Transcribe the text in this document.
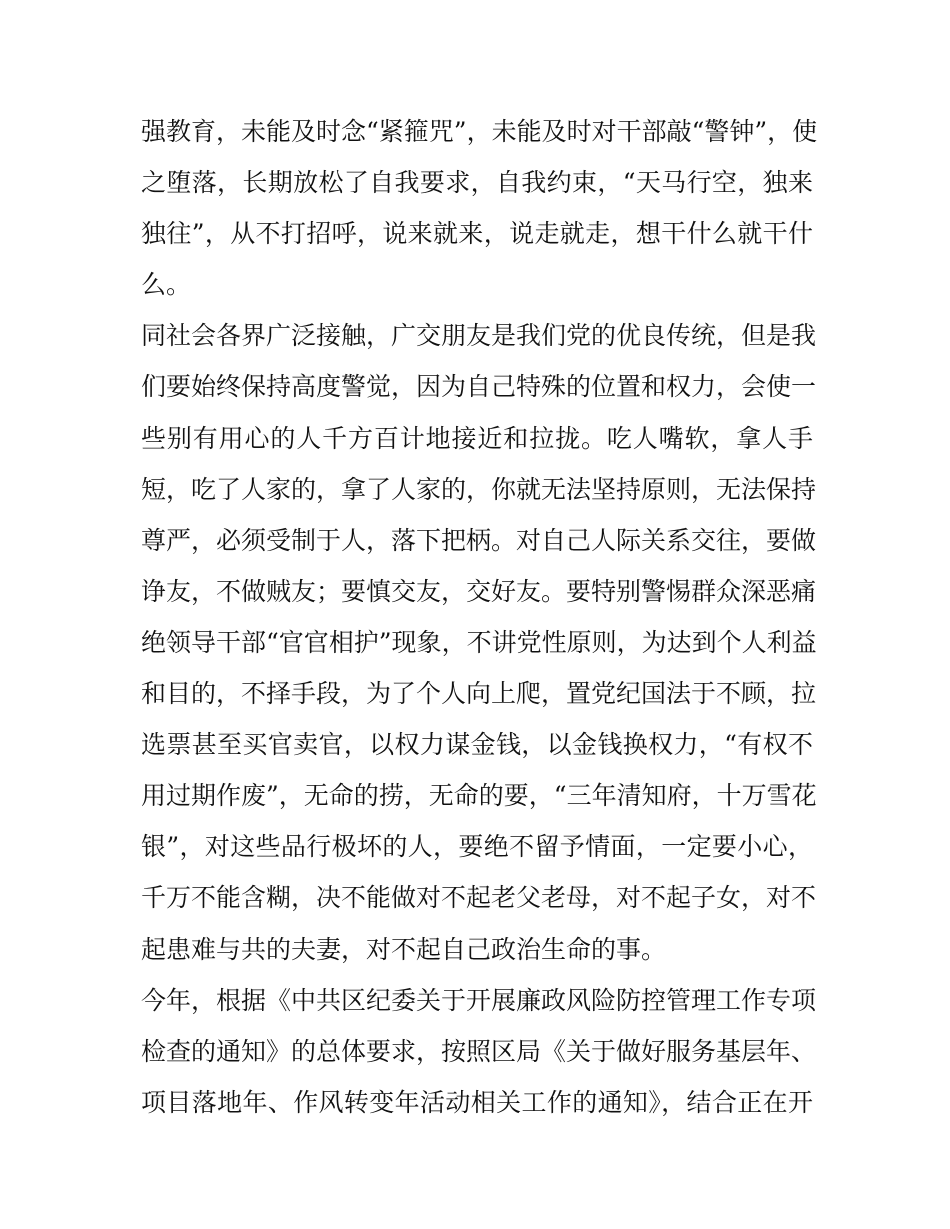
强教育，未能及时念“紧箍咒”，未能及时对干部敲“警钟”，使
之堕落，长期放松了自我要求，自我约束，“天马行空，独来
独往”，从不打招呼，说来就来，说走就走，想干什么就干什
么。
同社会各界广泛接触，广交朋友是我们党的优良传统，但是我
们要始终保持高度警觉，因为自己特殊的位置和权力，会使一
些别有用心的人千方百计地接近和拉拢。吃人嘴软，拿人手
短，吃了人家的，拿了人家的，你就无法坚持原则，无法保持
尊严，必须受制于人，落下把柄。对自己人际关系交往，要做
诤友，不做贼友；要慎交友，交好友。要特别警惕群众深恶痛
绝领导干部“官官相护”现象，不讲党性原则，为达到个人利益
和目的，不择手段，为了个人向上爬，置党纪国法于不顾，拉
选票甚至买官卖官，以权力谋金钱，以金钱换权力，“有权不
用过期作废”，无命的捞，无命的要，“三年清知府，十万雪花
银”，对这些品行极坏的人，要绝不留予情面，一定要小心，
千万不能含糊，决不能做对不起老父老母，对不起子女，对不
起患难与共的夫妻，对不起自己政治生命的事。
今年，根据《中共区纪委关于开展廉政风险防控管理工作专项
检查的通知》的总体要求，按照区局《关于做好服务基层年、
项目落地年、作风转变年活动相关工作的通知》，结合正在开
